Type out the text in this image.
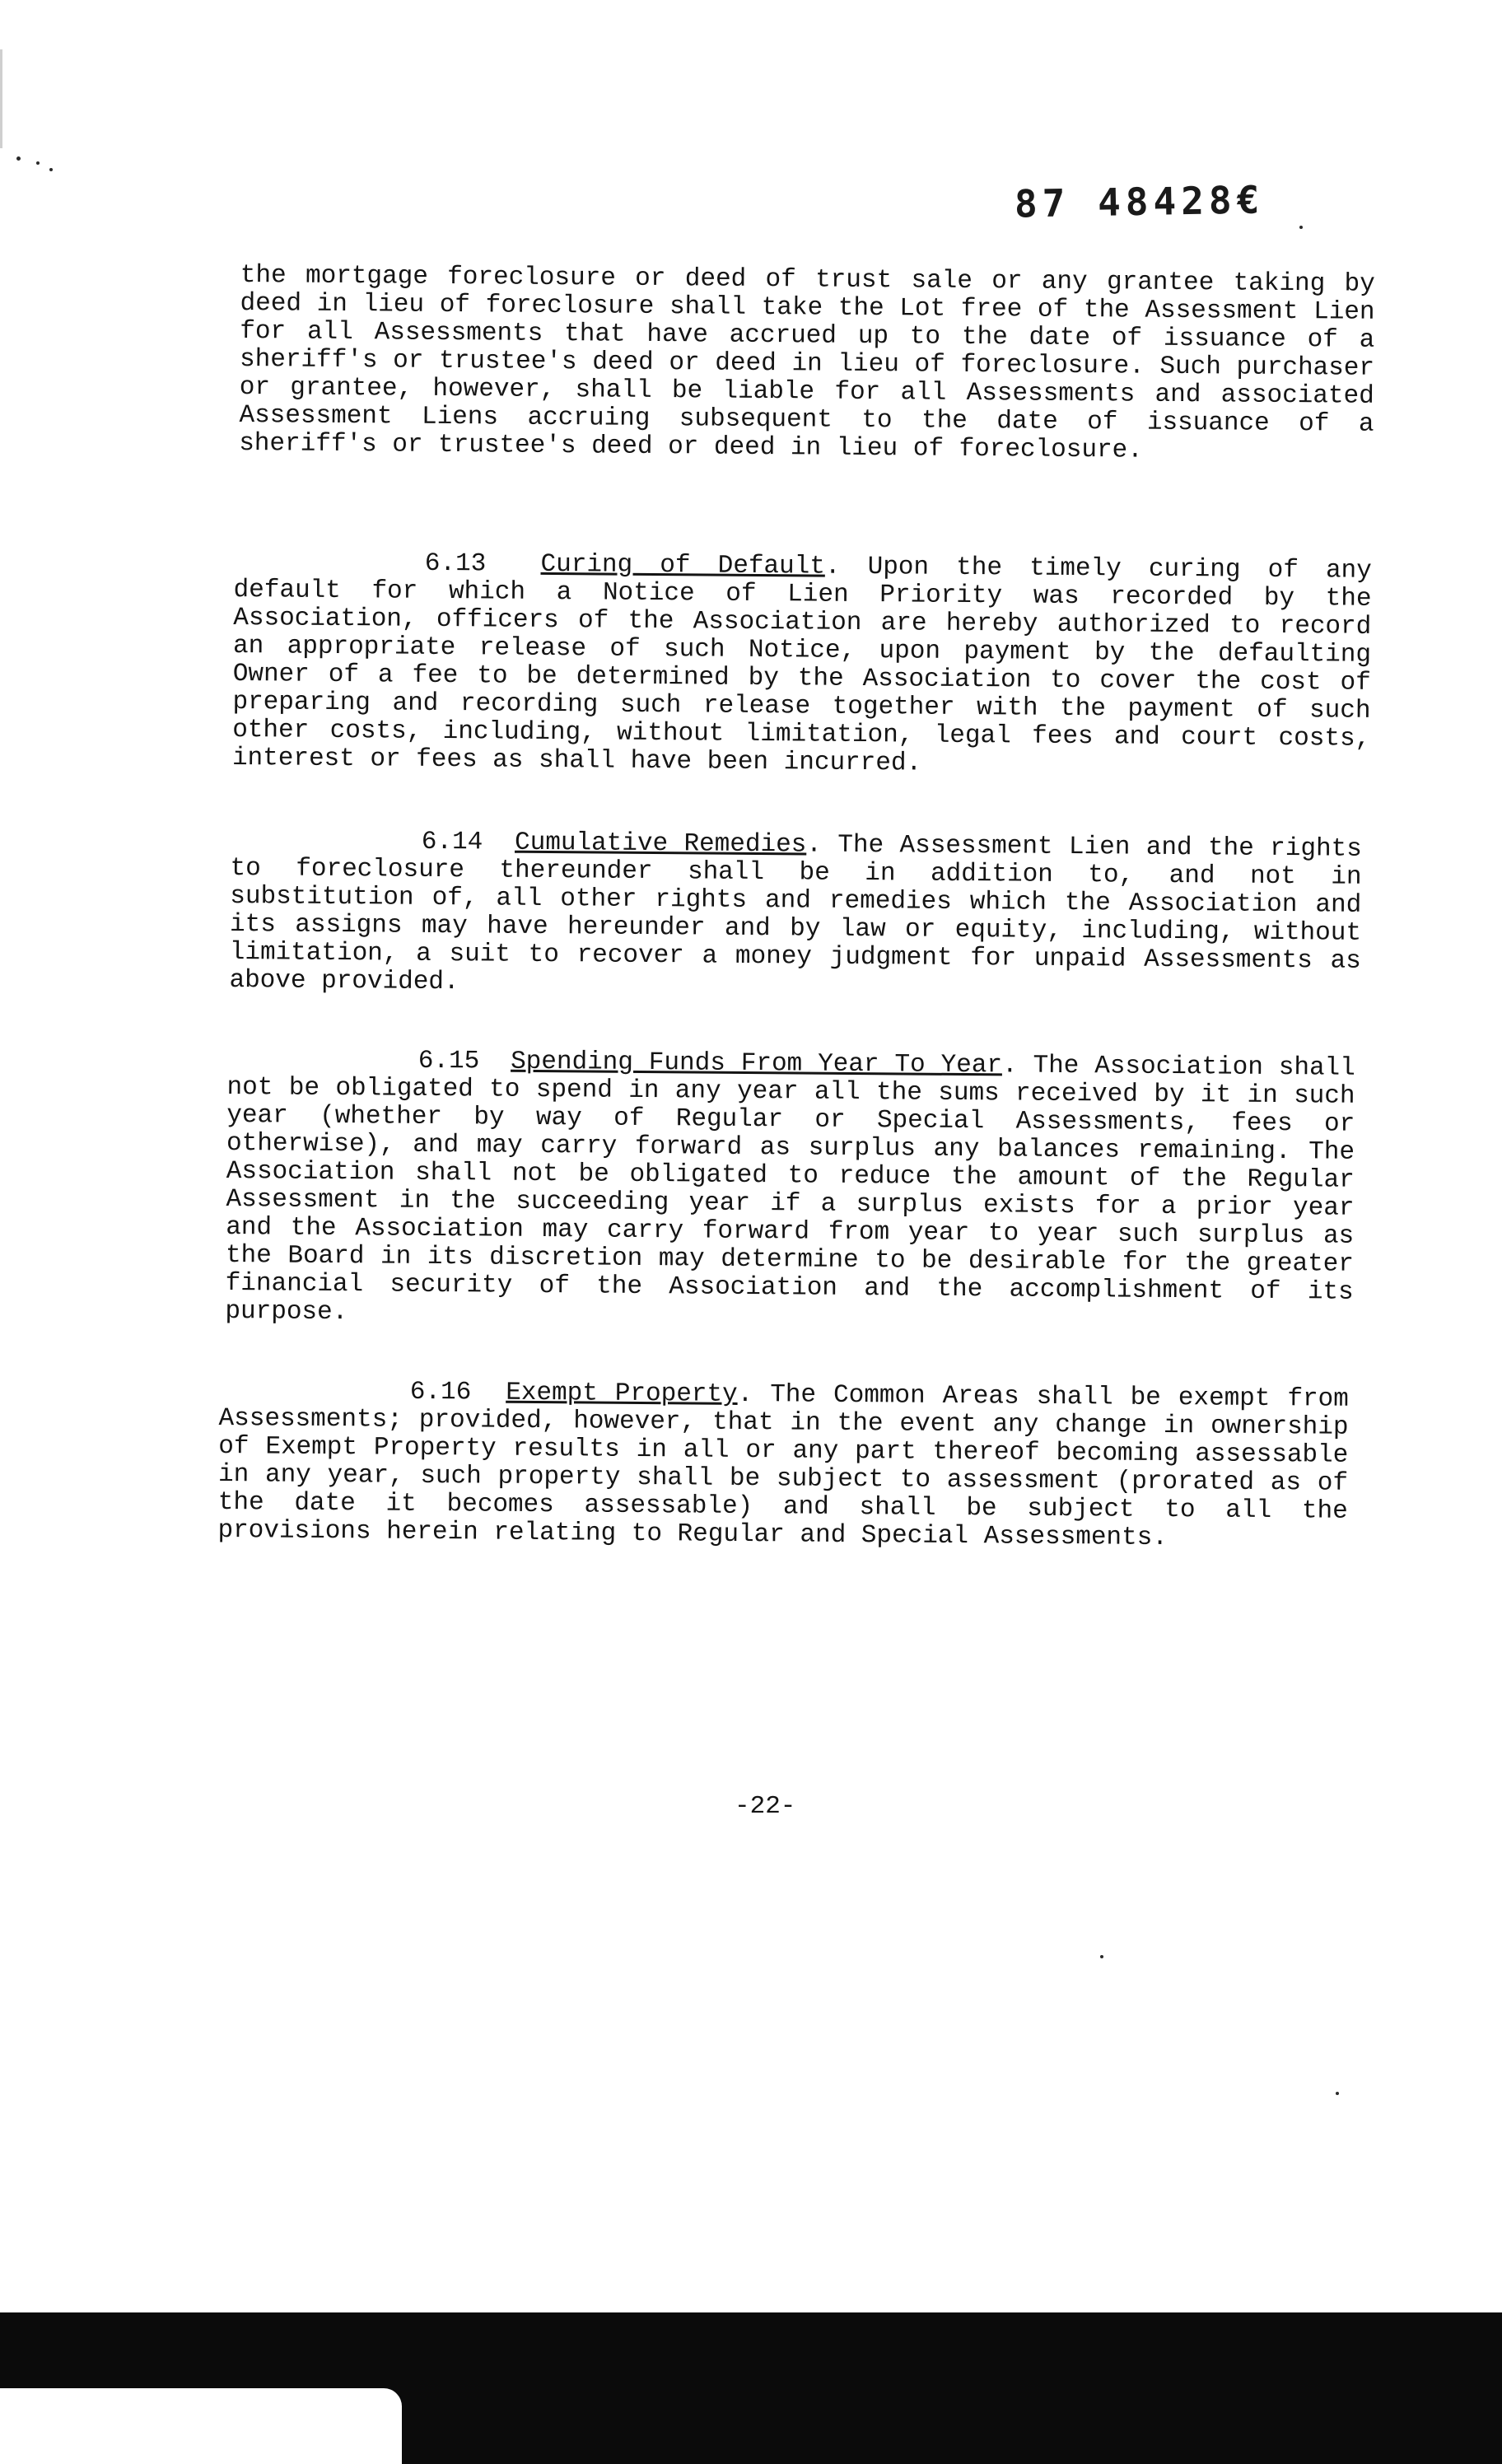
87 48428€
the mortgage foreclosure or deed of trust sale or any grantee taking by deed in lieu of foreclosure shall take the Lot free of the Assessment Lien for all Assessments that have accrued up to the date of issuance of a sheriff's or trustee's deed or deed in lieu of foreclosure. Such purchaser or grantee, however, shall be liable for all Assessments and associated Assessment Liens accruing subsequent to the date of issuance of a sheriff's or trustee's deed or deed in lieu of foreclosure.
6.13 Curing of Default. Upon the timely curing of any default for which a Notice of Lien Priority was recorded by the Association, officers of the Association are hereby authorized to record an appropriate release of such Notice, upon payment by the defaulting Owner of a fee to be determined by the Association to cover the cost of preparing and recording such release together with the payment of such other costs, including, without limitation, legal fees and court costs, interest or fees as shall have been incurred.
6.14 Cumulative Remedies. The Assessment Lien and the rights to foreclosure thereunder shall be in addition to, and not in substitution of, all other rights and remedies which the Association and its assigns may have hereunder and by law or equity, including, without limitation, a suit to recover a money judgment for unpaid Assessments as above provided.
6.15 Spending Funds From Year To Year. The Association shall not be obligated to spend in any year all the sums received by it in such year (whether by way of Regular or Special Assessments, fees or otherwise), and may carry forward as surplus any balances remaining. The Association shall not be obligated to reduce the amount of the Regular Assessment in the succeeding year if a surplus exists for a prior year and the Association may carry forward from year to year such surplus as the Board in its discretion may determine to be desirable for the greater financial security of the Association and the accomplishment of its purpose.
6.16 Exempt Property. The Common Areas shall be exempt from Assessments; provided, however, that in the event any change in ownership of Exempt Property results in all or any part thereof becoming assessable in any year, such property shall be subject to assessment (prorated as of the date it becomes assessable) and shall be subject to all the provisions herein relating to Regular and Special Assessments.
-22-
